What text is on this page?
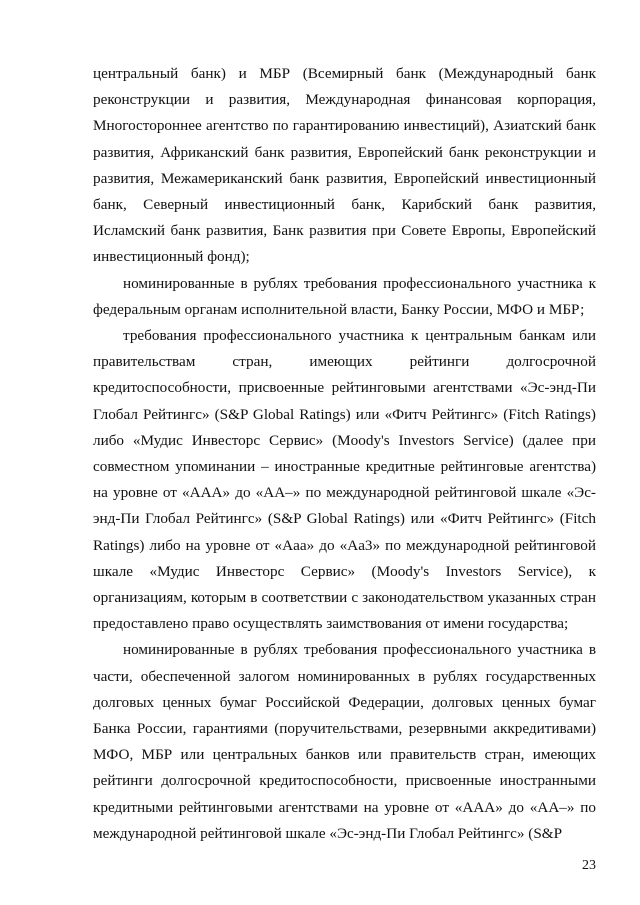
центральный банк) и МБР (Всемирный банк (Международный банк реконструкции и развития, Международная финансовая корпорация, Многостороннее агентство по гарантированию инвестиций), Азиатский банк развития, Африканский банк развития, Европейский банк реконструкции и развития, Межамериканский банк развития, Европейский инвестиционный банк, Северный инвестиционный банк, Карибский банк развития, Исламский банк развития, Банк развития при Совете Европы, Европейский инвестиционный фонд);

номинированные в рублях требования профессионального участника к федеральным органам исполнительной власти, Банку России, МФО и МБР;

требования профессионального участника к центральным банкам или правительствам стран, имеющих рейтинги долгосрочной кредитоспособности, присвоенные рейтинговыми агентствами «Эс-энд-Пи Глобал Рейтингс» (S&P Global Ratings) или «Фитч Рейтингс» (Fitch Ratings) либо «Мудис Инвесторс Сервис» (Moody's Investors Service) (далее при совместном упоминании – иностранные кредитные рейтинговые агентства) на уровне от «AAA» до «AA–» по международной рейтинговой шкале «Эс-энд-Пи Глобал Рейтингс» (S&P Global Ratings) или «Фитч Рейтингс» (Fitch Ratings) либо на уровне от «Aaa» до «Aa3» по международной рейтинговой шкале «Мудис Инвесторс Сервис» (Moody's Investors Service), к организациям, которым в соответствии с законодательством указанных стран предоставлено право осуществлять заимствования от имени государства;

номинированные в рублях требования профессионального участника в части, обеспеченной залогом номинированных в рублях государственных долговых ценных бумаг Российской Федерации, долговых ценных бумаг Банка России, гарантиями (поручительствами, резервными аккредитивами) МФО, МБР или центральных банков или правительств стран, имеющих рейтинги долгосрочной кредитоспособности, присвоенные иностранными кредитными рейтинговыми агентствами на уровне от «AAA» до «AA–» по международной рейтинговой шкале «Эс-энд-Пи Глобал Рейтингс» (S&P

23
